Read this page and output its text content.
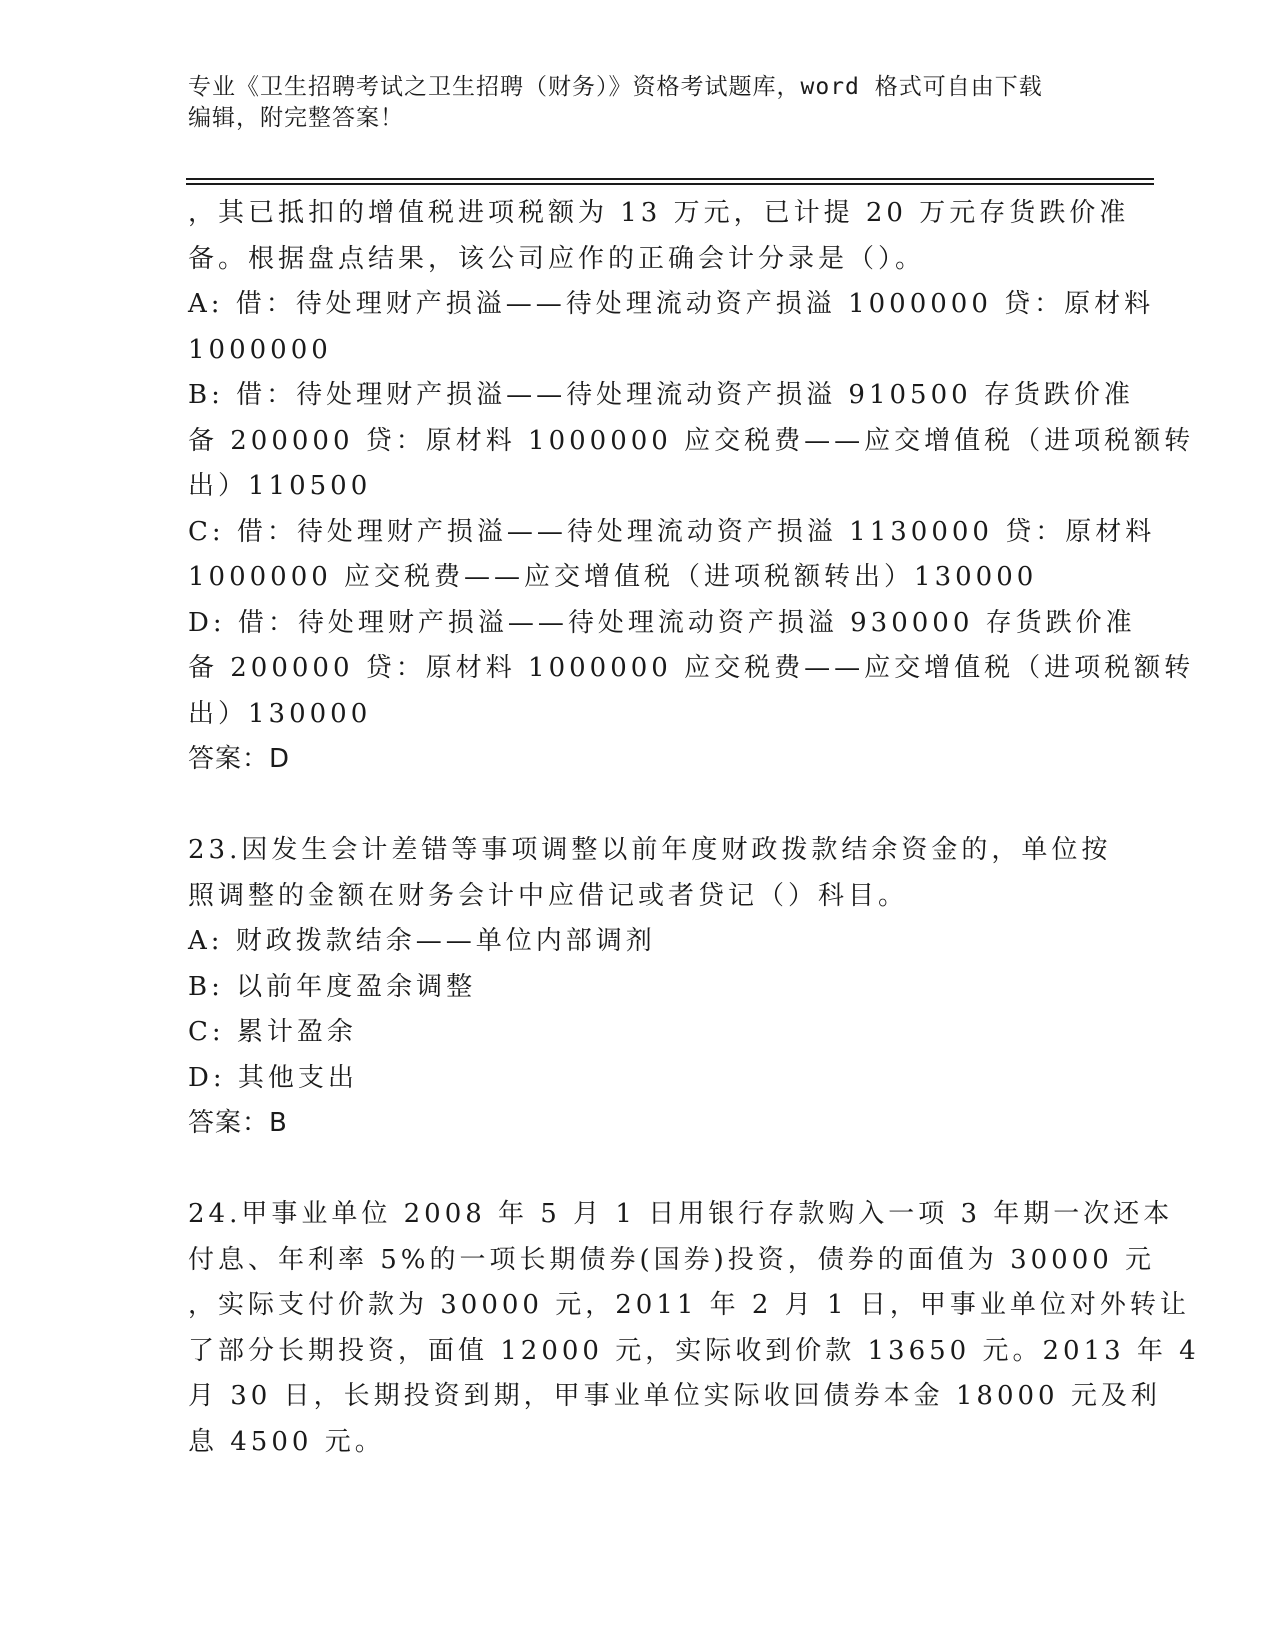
专业《卫生招聘考试之卫生招聘（财务）》资格考试题库，word 格式可自由下载
编辑，附完整答案！
，其已抵扣的增值税进项税额为 13 万元，已计提 20 万元存货跌价准
备。根据盘点结果，该公司应作的正确会计分录是（）。
A: 借：待处理财产损溢——待处理流动资产损溢 1000000 贷：原材料
1000000
B: 借：待处理财产损溢——待处理流动资产损溢 910500 存货跌价准
备 200000 贷：原材料 1000000 应交税费——应交增值税（进项税额转
出）110500
C: 借：待处理财产损溢——待处理流动资产损溢 1130000 贷：原材料
1000000 应交税费——应交增值税（进项税额转出）130000
D: 借：待处理财产损溢——待处理流动资产损溢 930000 存货跌价准
备 200000 贷：原材料 1000000 应交税费——应交增值税（进项税额转
出）130000
答案：D
23.因发生会计差错等事项调整以前年度财政拨款结余资金的，单位按
照调整的金额在财务会计中应借记或者贷记（）科目。
A: 财政拨款结余——单位内部调剂
B: 以前年度盈余调整
C: 累计盈余
D: 其他支出
答案：B
24.甲事业单位 2008 年 5 月 1 日用银行存款购入一项 3 年期一次还本
付息、年利率 5%的一项长期债券(国券)投资，债券的面值为 30000 元
，实际支付价款为 30000 元，2011 年 2 月 1 日，甲事业单位对外转让
了部分长期投资，面值 12000 元，实际收到价款 13650 元。2013 年 4
月 30 日，长期投资到期，甲事业单位实际收回债券本金 18000 元及利
息 4500 元。
